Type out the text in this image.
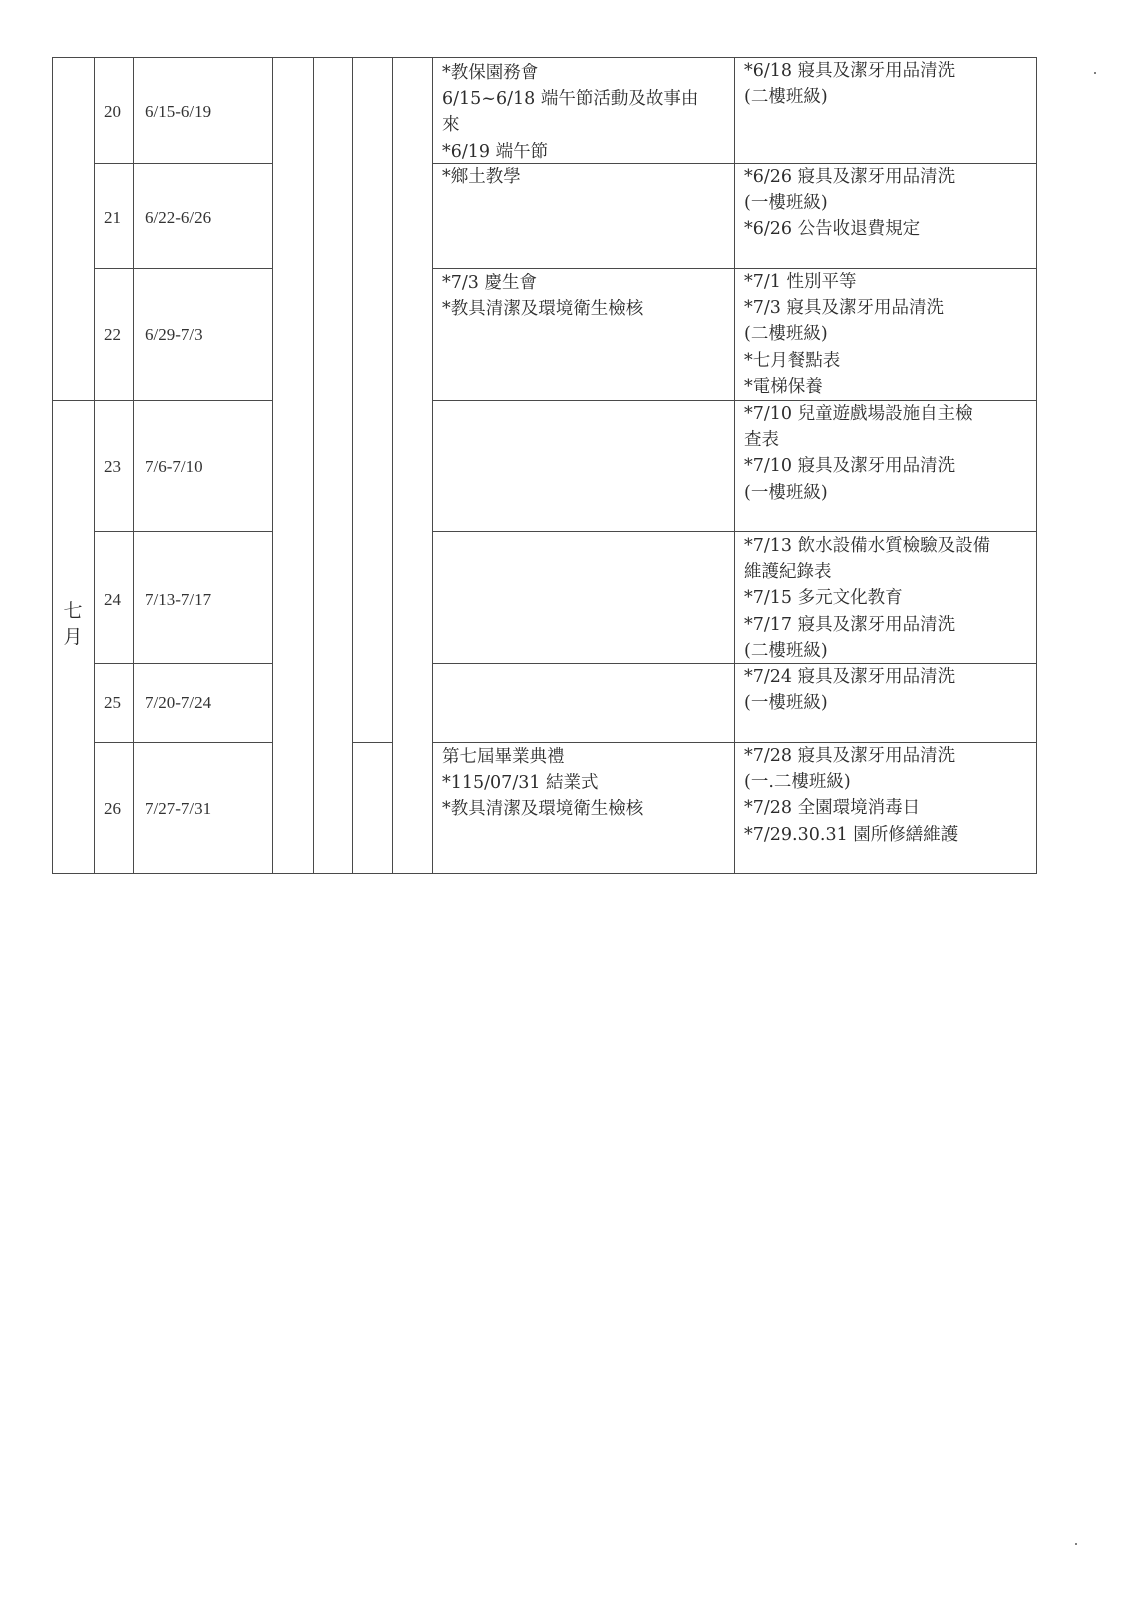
七
月
20
21
22
23
24
25
26
6/15-6/19
6/22-6/26
6/29-7/3
7/6-7/10
7/13-7/17
7/20-7/24
7/27-7/31
*教保園務會
6/15~6/18 端午節活動及故事由
來
*6/19 端午節
*鄉土教學
*7/3 慶生會
*教具清潔及環境衛生檢核
第七屆畢業典禮
*115/07/31 結業式
*教具清潔及環境衛生檢核
*6/18 寢具及潔牙用品清洗
(二樓班級)
*6/26 寢具及潔牙用品清洗
(一樓班級)
*6/26 公告收退費規定
*7/1 性別平等
*7/3 寢具及潔牙用品清洗
(二樓班級)
*七月餐點表
*電梯保養
*7/10 兒童遊戲場設施自主檢
查表
*7/10 寢具及潔牙用品清洗
(一樓班級)
*7/13 飲水設備水質檢驗及設備
維護紀錄表
*7/15 多元文化教育
*7/17 寢具及潔牙用品清洗
(二樓班級)
*7/24 寢具及潔牙用品清洗
(一樓班級)
*7/28 寢具及潔牙用品清洗
(一.二樓班級)
*7/28 全園環境消毒日
*7/29.30.31 園所修繕維護
